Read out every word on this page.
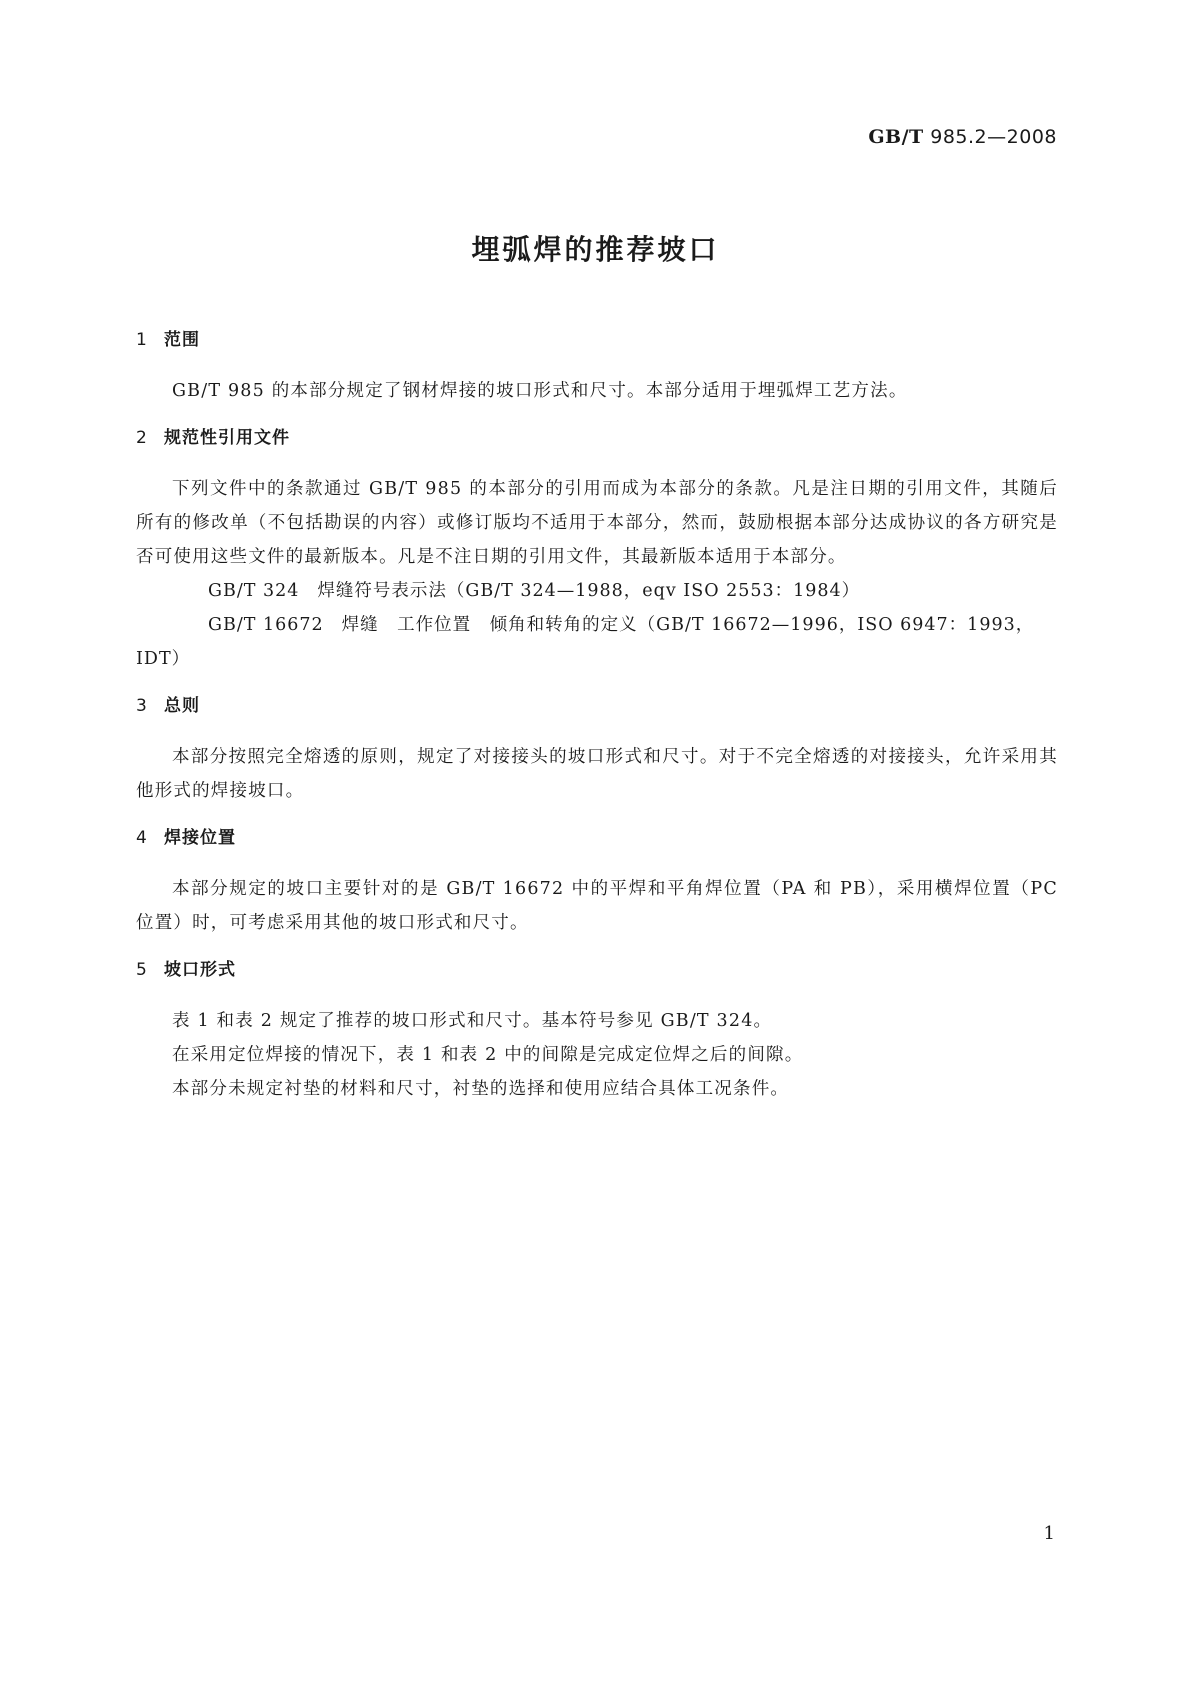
GB/T 985.2—2008
埋弧焊的推荐坡口
1 范围

GB/T 985 的本部分规定了钢材焊接的坡口形式和尺寸。本部分适用于埋弧焊工艺方法。

2 规范性引用文件

下列文件中的条款通过 GB/T 985 的本部分的引用而成为本部分的条款。凡是注日期的引用文件，其随后所有的修改单（不包括勘误的内容）或修订版均不适用于本部分，然而，鼓励根据本部分达成协议的各方研究是否可使用这些文件的最新版本。凡是不注日期的引用文件，其最新版本适用于本部分。

GB/T 324 焊缝符号表示法（GB/T 324—1988，eqv ISO 2553：1984）

GB/T 16672 焊缝　工作位置　倾角和转角的定义（GB/T 16672—1996，ISO 6947：1993，IDT）

3 总则

本部分按照完全熔透的原则，规定了对接接头的坡口形式和尺寸。对于不完全熔透的对接接头，允许采用其他形式的焊接坡口。

4 焊接位置

本部分规定的坡口主要针对的是 GB/T 16672 中的平焊和平角焊位置（PA 和 PB），采用横焊位置（PC 位置）时，可考虑采用其他的坡口形式和尺寸。

5 坡口形式

表 1 和表 2 规定了推荐的坡口形式和尺寸。基本符号参见 GB/T 324。

在采用定位焊接的情况下，表 1 和表 2 中的间隙是完成定位焊之后的间隙。

本部分未规定衬垫的材料和尺寸，衬垫的选择和使用应结合具体工况条件。

1
